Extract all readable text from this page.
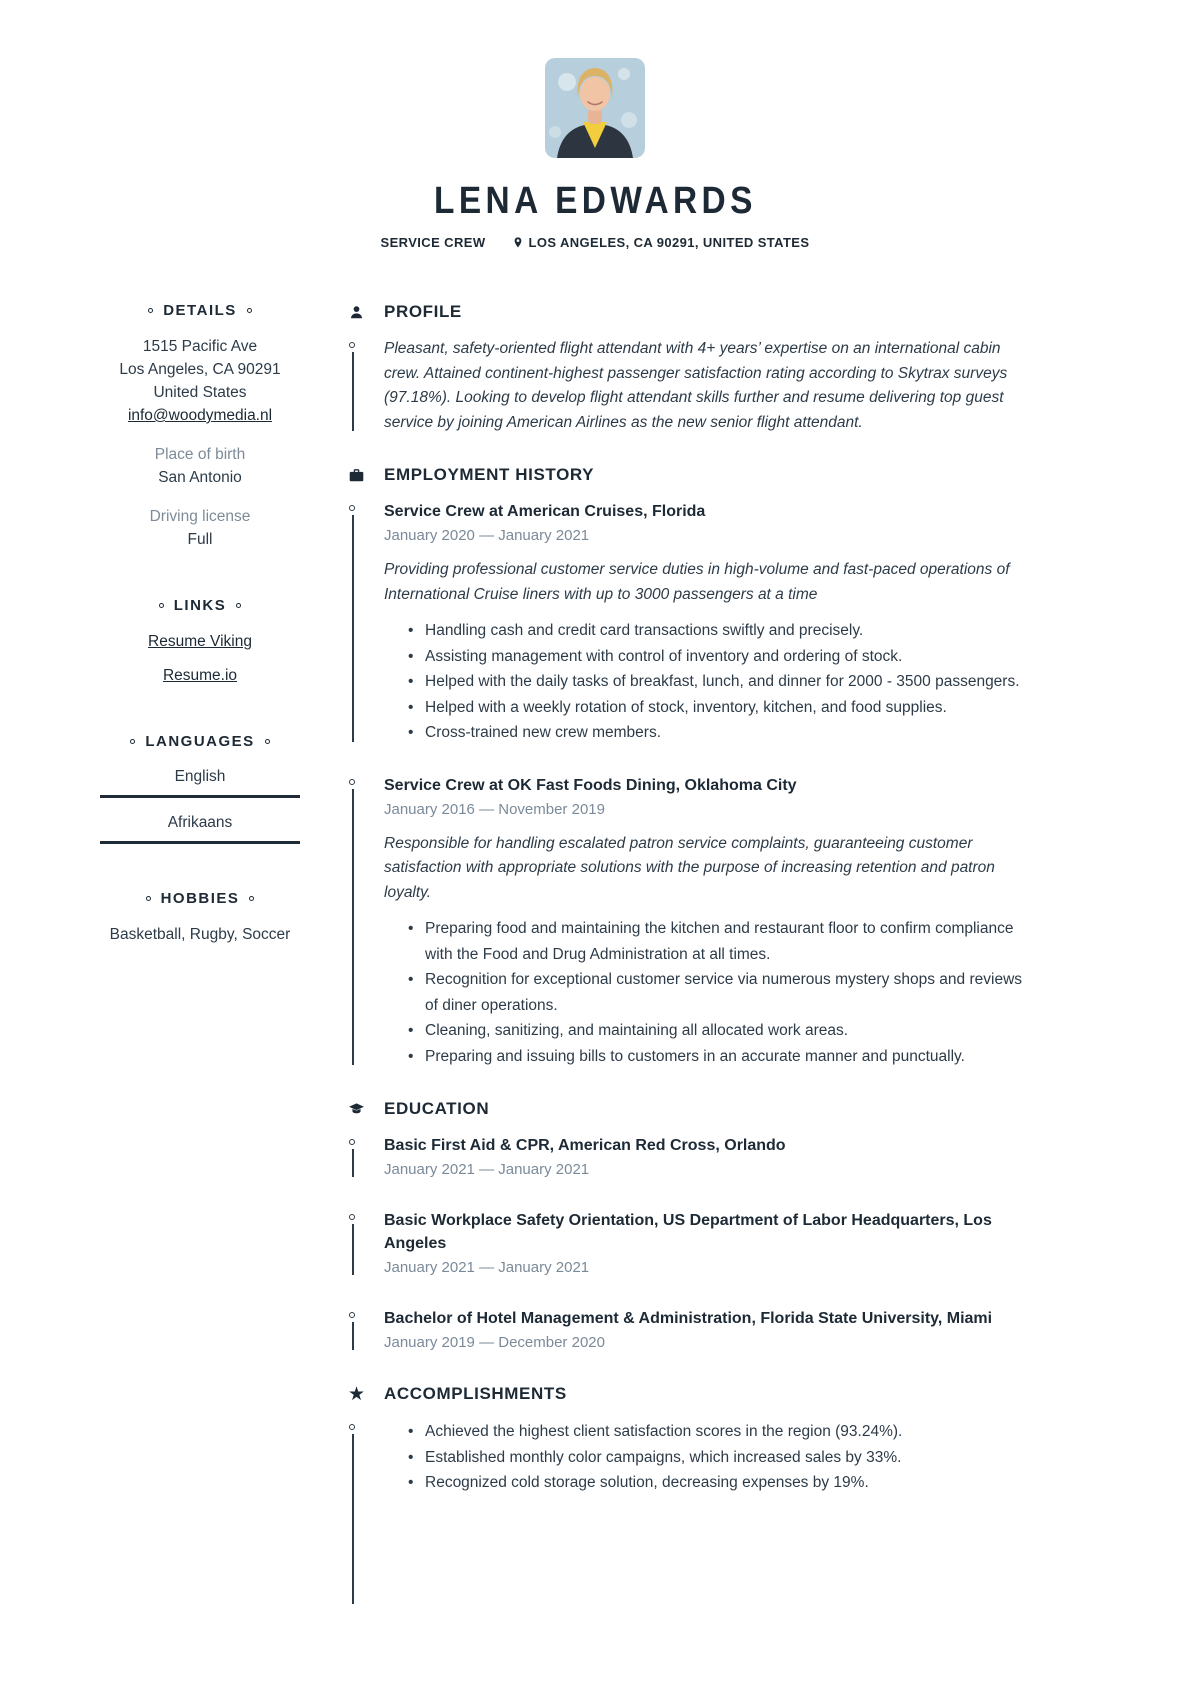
LENA EDWARDS
SERVICE CREW	LOS ANGELES, CA 90291, UNITED STATES
DETAILS
1515 Pacific Ave
Los Angeles, CA 90291
United States
info@woodymedia.nl
Place of birth
San Antonio
Driving license
Full
LINKS
Resume Viking
Resume.io
LANGUAGES
English
Afrikaans
HOBBIES
Basketball, Rugby, Soccer
PROFILE

Pleasant, safety-oriented flight attendant with 4+ years’ expertise on an international cabin crew. Attained continent-highest passenger satisfaction rating according to Skytrax surveys (97.18%). Looking to develop flight attendant skills further and resume delivering top guest service by joining American Airlines as the new senior flight attendant.

EMPLOYMENT HISTORY
Service Crew at American Cruises, Florida
January 2020 — January 2021

Providing professional customer service duties in high-volume and fast-paced operations of International Cruise liners with up to 3000 passengers at a time

• Handling cash and credit card transactions swiftly and precisely.
• Assisting management with control of inventory and ordering of stock.
• Helped with the daily tasks of breakfast, lunch, and dinner for 2000 - 3500 passengers.
• Helped with a weekly rotation of stock, inventory, kitchen, and food supplies.
• Cross-trained new crew members.
Service Crew at OK Fast Foods Dining, Oklahoma City
January 2016 — November 2019

Responsible for handling escalated patron service complaints, guaranteeing customer satisfaction with appropriate solutions with the purpose of increasing retention and patron loyalty.

• Preparing food and maintaining the kitchen and restaurant floor to confirm compliance with the Food and Drug Administration at all times.
• Recognition for exceptional customer service via numerous mystery shops and reviews of diner operations.
• Cleaning, sanitizing, and maintaining all allocated work areas.
• Preparing and issuing bills to customers in an accurate manner and punctually.
EDUCATION
Basic First Aid & CPR, American Red Cross, Orlando
January 2021 — January 2021
Basic Workplace Safety Orientation, US Department of Labor Headquarters, Los Angeles
January 2021 — January 2021
Bachelor of Hotel Management & Administration, Florida State University, Miami
January 2019 — December 2020
★ ACCOMPLISHMENTS
• Achieved the highest client satisfaction scores in the region (93.24%).
• Established monthly color campaigns, which increased sales by 33%.
• Recognized cold storage solution, decreasing expenses by 19%.
